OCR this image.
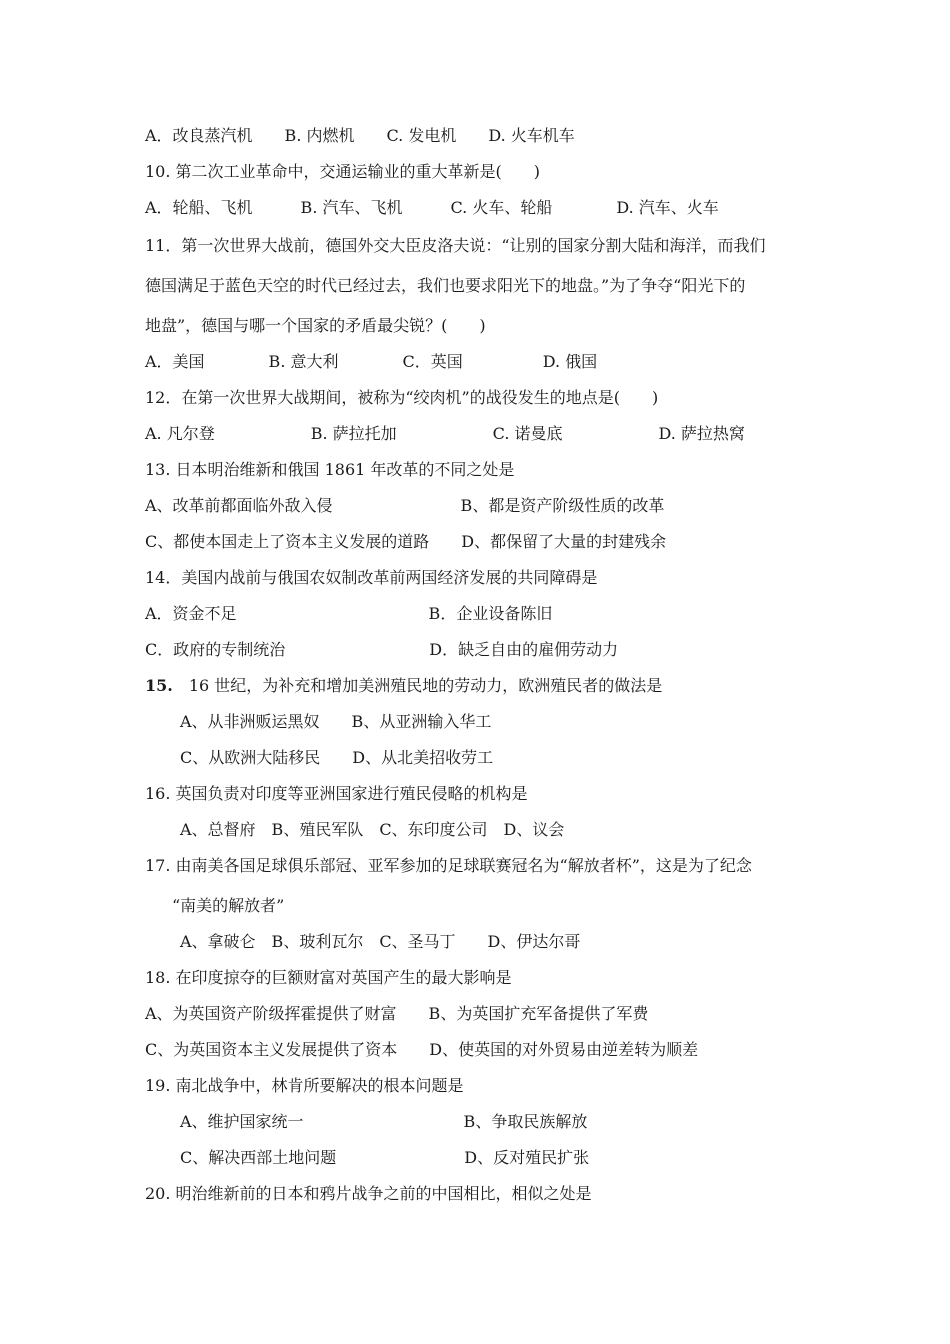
A．改良蒸汽机　　B. 内燃机　　C. 发电机　　D. 火车机车
10. 第二次工业革命中，交通运输业的重大革新是(　　)
A．轮船、飞机　　　B. 汽车、飞机　　　C. 火车、轮船　　　　D. 汽车、火车
11．第一次世界大战前，德国外交大臣皮洛夫说：“让别的国家分割大陆和海洋，而我们
德国满足于蓝色天空的时代已经过去，我们也要求阳光下的地盘。”为了争夺“阳光下的
地盘”，德国与哪一个国家的矛盾最尖锐？(　　)
A．美国　　　　B. 意大利　　　　C．英国　　　　　D. 俄国
12．在第一次世界大战期间，被称为“绞肉机”的战役发生的地点是(　　)
A. 凡尔登　　　　　　B. 萨拉托加　　　　　　C. 诺曼底　　　　　　D. 萨拉热窝
13. 日本明治维新和俄国 1861 年改革的不同之处是
A、改革前都面临外敌入侵　　　　　　　　B、都是资产阶级性质的改革
C、都使本国走上了资本主义发展的道路　　D、都保留了大量的封建残余
14．美国内战前与俄国农奴制改革前两国经济发展的共同障碍是
A．资金不足　　　　　　　　　　　　B．企业设备陈旧
C．政府的专制统治　　　　　　　　　D．缺乏自由的雇佣劳动力
15.　16 世纪，为补充和增加美洲殖民地的劳动力，欧洲殖民者的做法是
A、从非洲贩运黑奴　　B、从亚洲输入华工
C、从欧洲大陆移民　　D、从北美招收劳工
16. 英国负责对印度等亚洲国家进行殖民侵略的机构是
A、总督府　B、殖民军队　C、东印度公司　D、议会
17. 由南美各国足球俱乐部冠、亚军参加的足球联赛冠名为“解放者杯”，这是为了纪念
“南美的解放者”
A、拿破仑　B、玻利瓦尔　C、圣马丁　　D、伊达尔哥
18. 在印度掠夺的巨额财富对英国产生的最大影响是
A、为英国资产阶级挥霍提供了财富　　B、为英国扩充军备提供了军费
C、为英国资本主义发展提供了资本　　D、使英国的对外贸易由逆差转为顺差
19. 南北战争中，林肯所要解决的根本问题是
A、维护国家统一　　　　　　　　　　B、争取民族解放
C、解决西部土地问题　　　　　　　　D、反对殖民扩张
20. 明治维新前的日本和鸦片战争之前的中国相比，相似之处是
